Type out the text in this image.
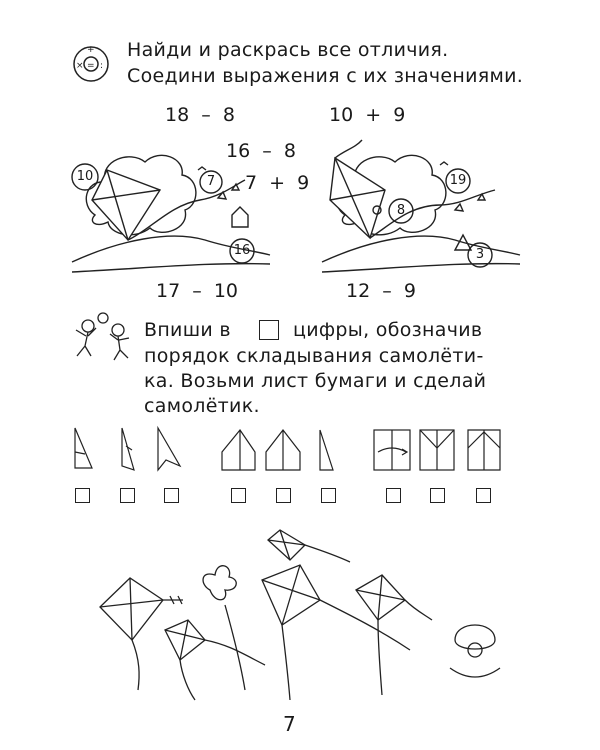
+
−
× :
=
Найди и раскрась все отличия.
Соедини выражения с их значениями.
18  –  8	10  +  9
16  –  8
7  +  9
17  –  10	12  –  9
10	7
16
19
8
3
Впиши в	цифры, обозначив
порядок складывания самолёти-
ка. Возьми лист бумаги и сделай
самолётик.
7
